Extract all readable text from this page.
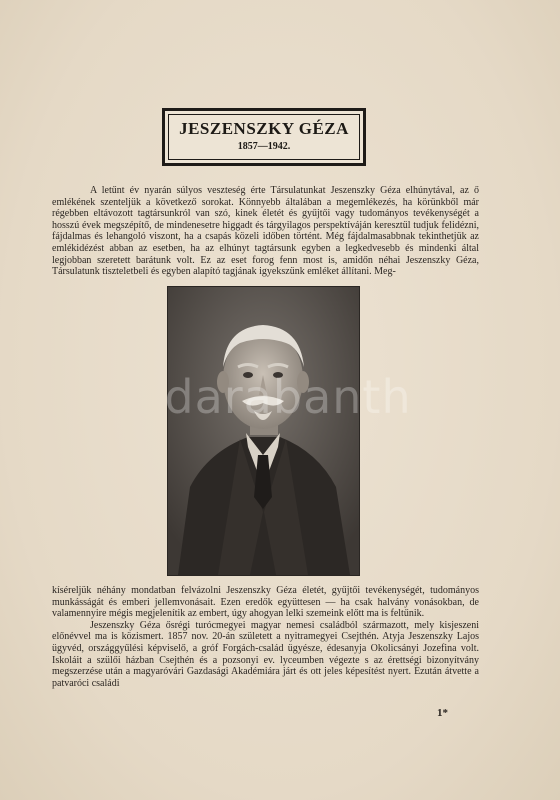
JESZENSZKY GÉZA
1857—1942.

A letűnt év nyarán súlyos veszteség érte Társulatunkat Jeszenszky Géza elhúnytával, az ő emlékének szenteljük a következő sorokat. Könnyebb általában a megemlékezés, ha körünkből már régebben eltávozott tagtársunkról van szó, kinek életét és gyűjtői vagy tudományos tevékenységét a hosszú évek megszépítő, de mindenesetre higgadt és tárgyilagos perspektíváján keresztül tudjuk felidézni, fájdalmas és lehangoló viszont, ha a csapás közeli időben történt. Még fájdalmasabbnak tekinthetjük az emlékidézést abban az esetben, ha az elhúnyt tagtársunk egyben a legkedvesebb és mindenki által legjobban szeretett barátunk volt. Ez az eset forog fenn most is, amidőn néhai Jeszenszky Géza, Társulatunk tiszteletbeli és egyben alapító tagjának igyekszünk emléket állítani. Meg-

darabanth

kíséreljük néhány mondatban felvázolni Jeszenszky Géza életét, gyűjtői tevékenységét, tudományos munkásságát és emberi jellemvonásait. Ezen eredők együttesen — ha csak halvány vonásokban, de valamennyire mégis megjelenítik az embert, úgy ahogyan lelki szemeink előtt ma is feltűnik.

Jeszenszky Géza ősrégi turócmegyei magyar nemesi családból származott, mely kisjeszeni előnévvel ma is közismert. 1857 nov. 20-án született a nyitramegyei Csejthén. Atyja Jeszenszky Lajos ügyvéd, országgyűlési képviselő, a gróf Forgách-család ügyésze, édesanyja Okolicsányi Jozefina volt. Iskoláit a szülői házban Csejthén és a pozsonyi ev. lyceumben végezte s az érettségi bizonyítvány megszerzése után a magyaróvári Gazdasági Akadémiára járt és ott jeles képesítést nyert. Ezután átvette a patvaróci családi

1*
